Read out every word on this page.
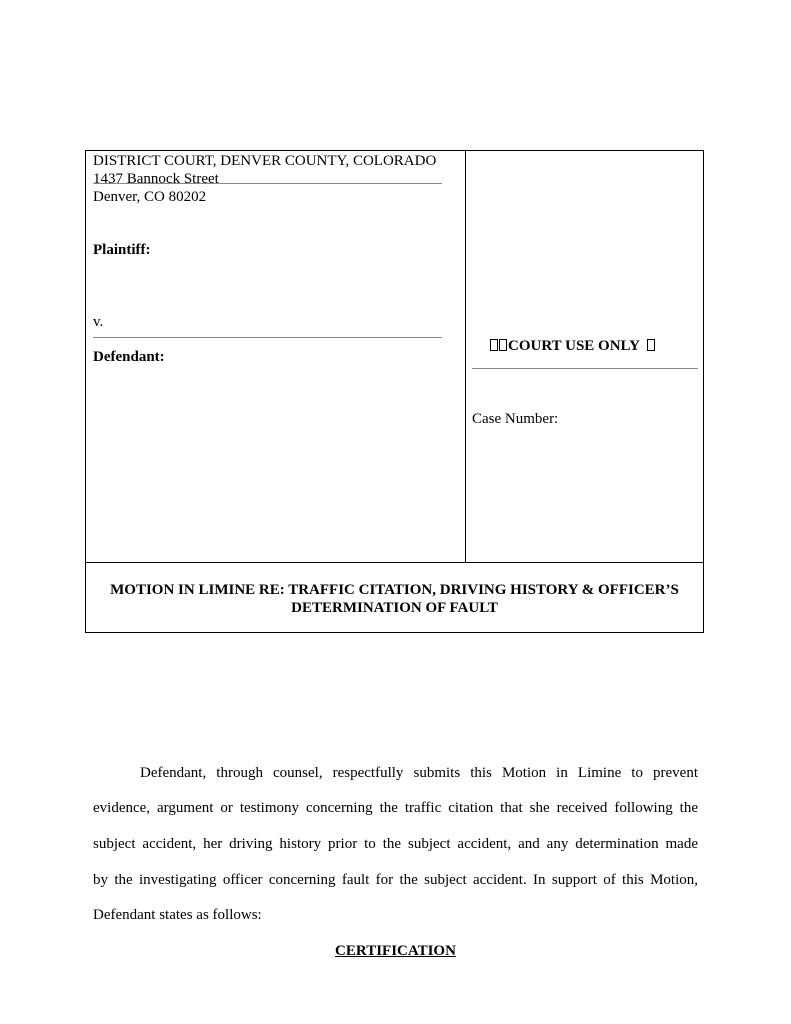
DISTRICT COURT, DENVER COUNTY, COLORADO
1437 Bannock Street
Denver, CO 80202
Plaintiff:
v.
Defendant:
COURT USE ONLY
Case Number:
MOTION IN LIMINE RE: TRAFFIC CITATION, DRIVING HISTORY & OFFICER’S
DETERMINATION OF FAULT
Defendant, through counsel, respectfully submits this Motion in Limine to prevent
evidence, argument or testimony concerning the traffic citation that she received following the
subject accident, her driving history prior to the subject accident, and any determination made
by the investigating officer concerning fault for the subject accident. In support of this Motion,
Defendant states as follows:
CERTIFICATION
